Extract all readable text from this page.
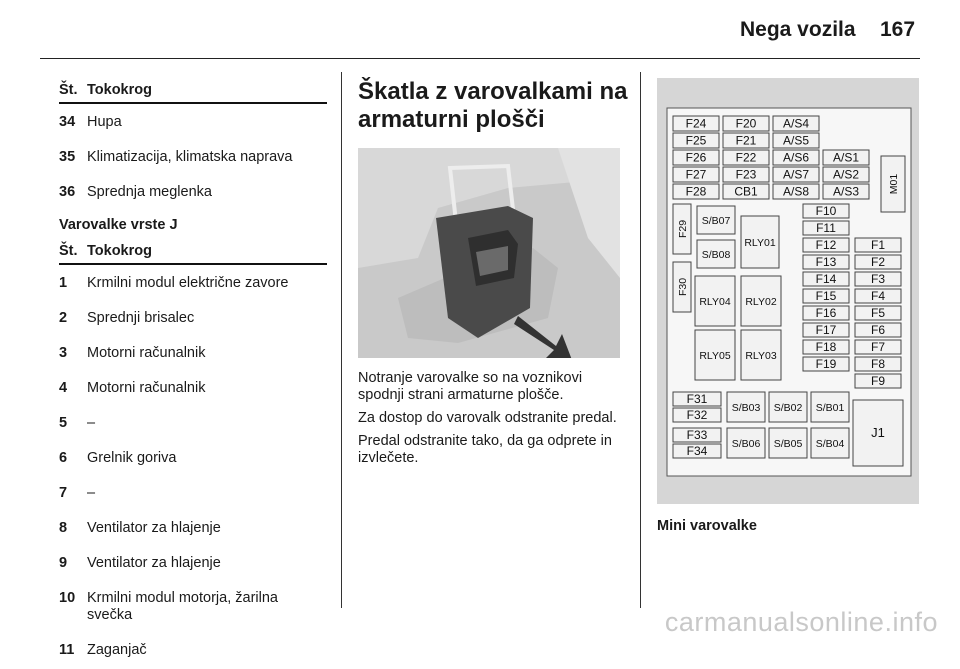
Nega vozila 167
Št. Tokokrog
34 Hupa
35 Klimatizacija, klimatska naprava
36 Sprednja meglenka
Varovalke vrste J
Št. Tokokrog
1	Krmilni modul električne zavore
2	Sprednji brisalec
3	Motorni računalnik
4	Motorni računalnik
5	–
6	Grelnik goriva
7	–
8	Ventilator za hlajenje
9	Ventilator za hlajenje
10 Krmilni modul motorja, žarilna svečka
11 Zaganjač
Škatla z varovalkami na armaturni plošči

Notranje varovalke so na voznikovi spodnji strani armaturne plošče.

Za dostop do varovalk odstranite predal.

Predal odstranite tako, da ga odprete in izvlečete.

F24 F20 A/S4
F25 F21 A/S5
F26 F22 A/S6 A/S1
F27 F23 A/S7 A/S2
F28 CB1 A/S8 A/S3	M01
F29
F30
S/B07
S/B08
RLY01
F10
F11
F12	F1
F13	F2
F14	F3
F15	F4
F16	F5
F17	F6
F18	F7
F19	F8
F9
RLY04 RLY02
RLY05 RLY03
F31
F32
F33
F34
S/B03 S/B02 S/B01
S/B06 S/B05 S/B04
J1
Mini varovalke
carmanualsonline.info
